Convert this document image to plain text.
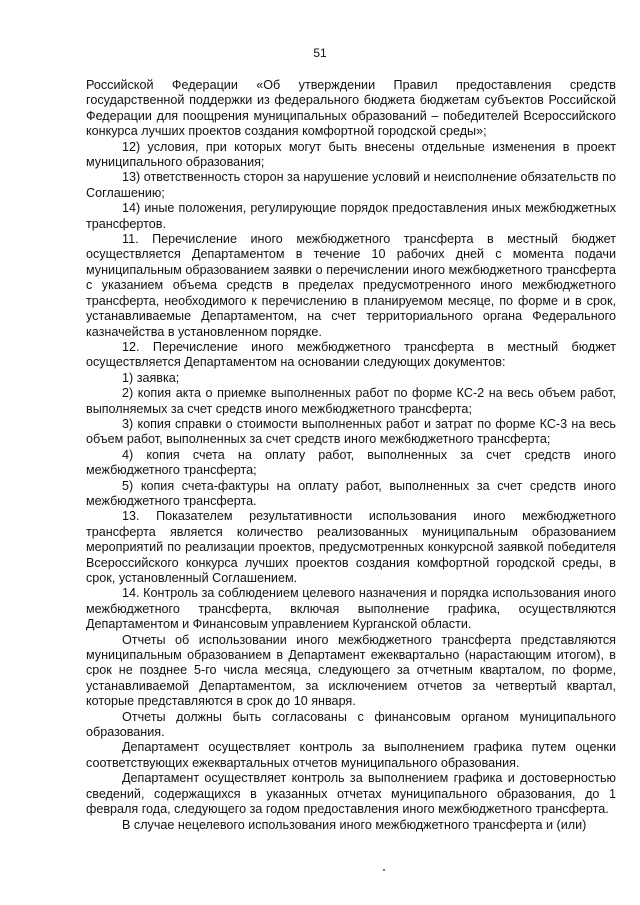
51

Российской Федерации «Об утверждении Правил предоставления средств государственной поддержки из федерального бюджета бюджетам субъектов Российской Федерации для поощрения муниципальных образований – победителей Всероссийского конкурса лучших проектов создания комфортной городской среды»;

12) условия, при которых могут быть внесены отдельные изменения в проект муниципального образования;

13) ответственность сторон за нарушение условий и неисполнение обязательств по Соглашению;

14) иные положения, регулирующие порядок предоставления иных межбюджетных трансфертов.

11. Перечисление иного межбюджетного трансферта в местный бюджет осуществляется Департаментом в течение 10 рабочих дней с момента подачи муниципальным образованием заявки о перечислении иного межбюджетного трансферта с указанием объема средств в пределах предусмотренного иного межбюджетного трансферта, необходимого к перечислению в планируемом месяце, по форме и в срок, устанавливаемые Департаментом, на счет территориального органа Федерального казначейства в установленном порядке.

12. Перечисление иного межбюджетного трансферта в местный бюджет осуществляется Департаментом на основании следующих документов:

1) заявка;

2) копия акта о приемке выполненных работ по форме КС-2 на весь объем работ, выполняемых за счет средств иного межбюджетного трансферта;

3) копия справки о стоимости выполненных работ и затрат по форме КС-3 на весь объем работ, выполненных за счет средств иного межбюджетного трансферта;

4) копия счета на оплату работ, выполненных за счет средств иного межбюджетного трансферта;

5) копия счета-фактуры на оплату работ, выполненных за счет средств иного межбюджетного трансферта.

13. Показателем результативности использования иного межбюджетного трансферта является количество реализованных муниципальным образованием мероприятий по реализации проектов, предусмотренных конкурсной заявкой победителя Всероссийского конкурса лучших проектов создания комфортной городской среды, в срок, установленный Соглашением.

14. Контроль за соблюдением целевого назначения и порядка использования иного межбюджетного трансферта, включая выполнение графика, осуществляются Департаментом и Финансовым управлением Курганской области.

Отчеты об использовании иного межбюджетного трансферта представляются муниципальным образованием в Департамент ежеквартально (нарастающим итогом), в срок не позднее 5-го числа месяца, следующего за отчетным кварталом, по форме, устанавливаемой Департаментом, за исключением отчетов за четвертый квартал, которые представляются в срок до 10 января.

Отчеты должны быть согласованы с финансовым органом муниципального образования.

Департамент осуществляет контроль за выполнением графика путем оценки соответствующих ежеквартальных отчетов муниципального образования.

Департамент осуществляет контроль за выполнением графика и достоверностью сведений, содержащихся в указанных отчетах муниципального образования, до 1 февраля года, следующего за годом предоставления иного межбюджетного трансферта.

В случае нецелевого использования иного межбюджетного трансферта и (или)
